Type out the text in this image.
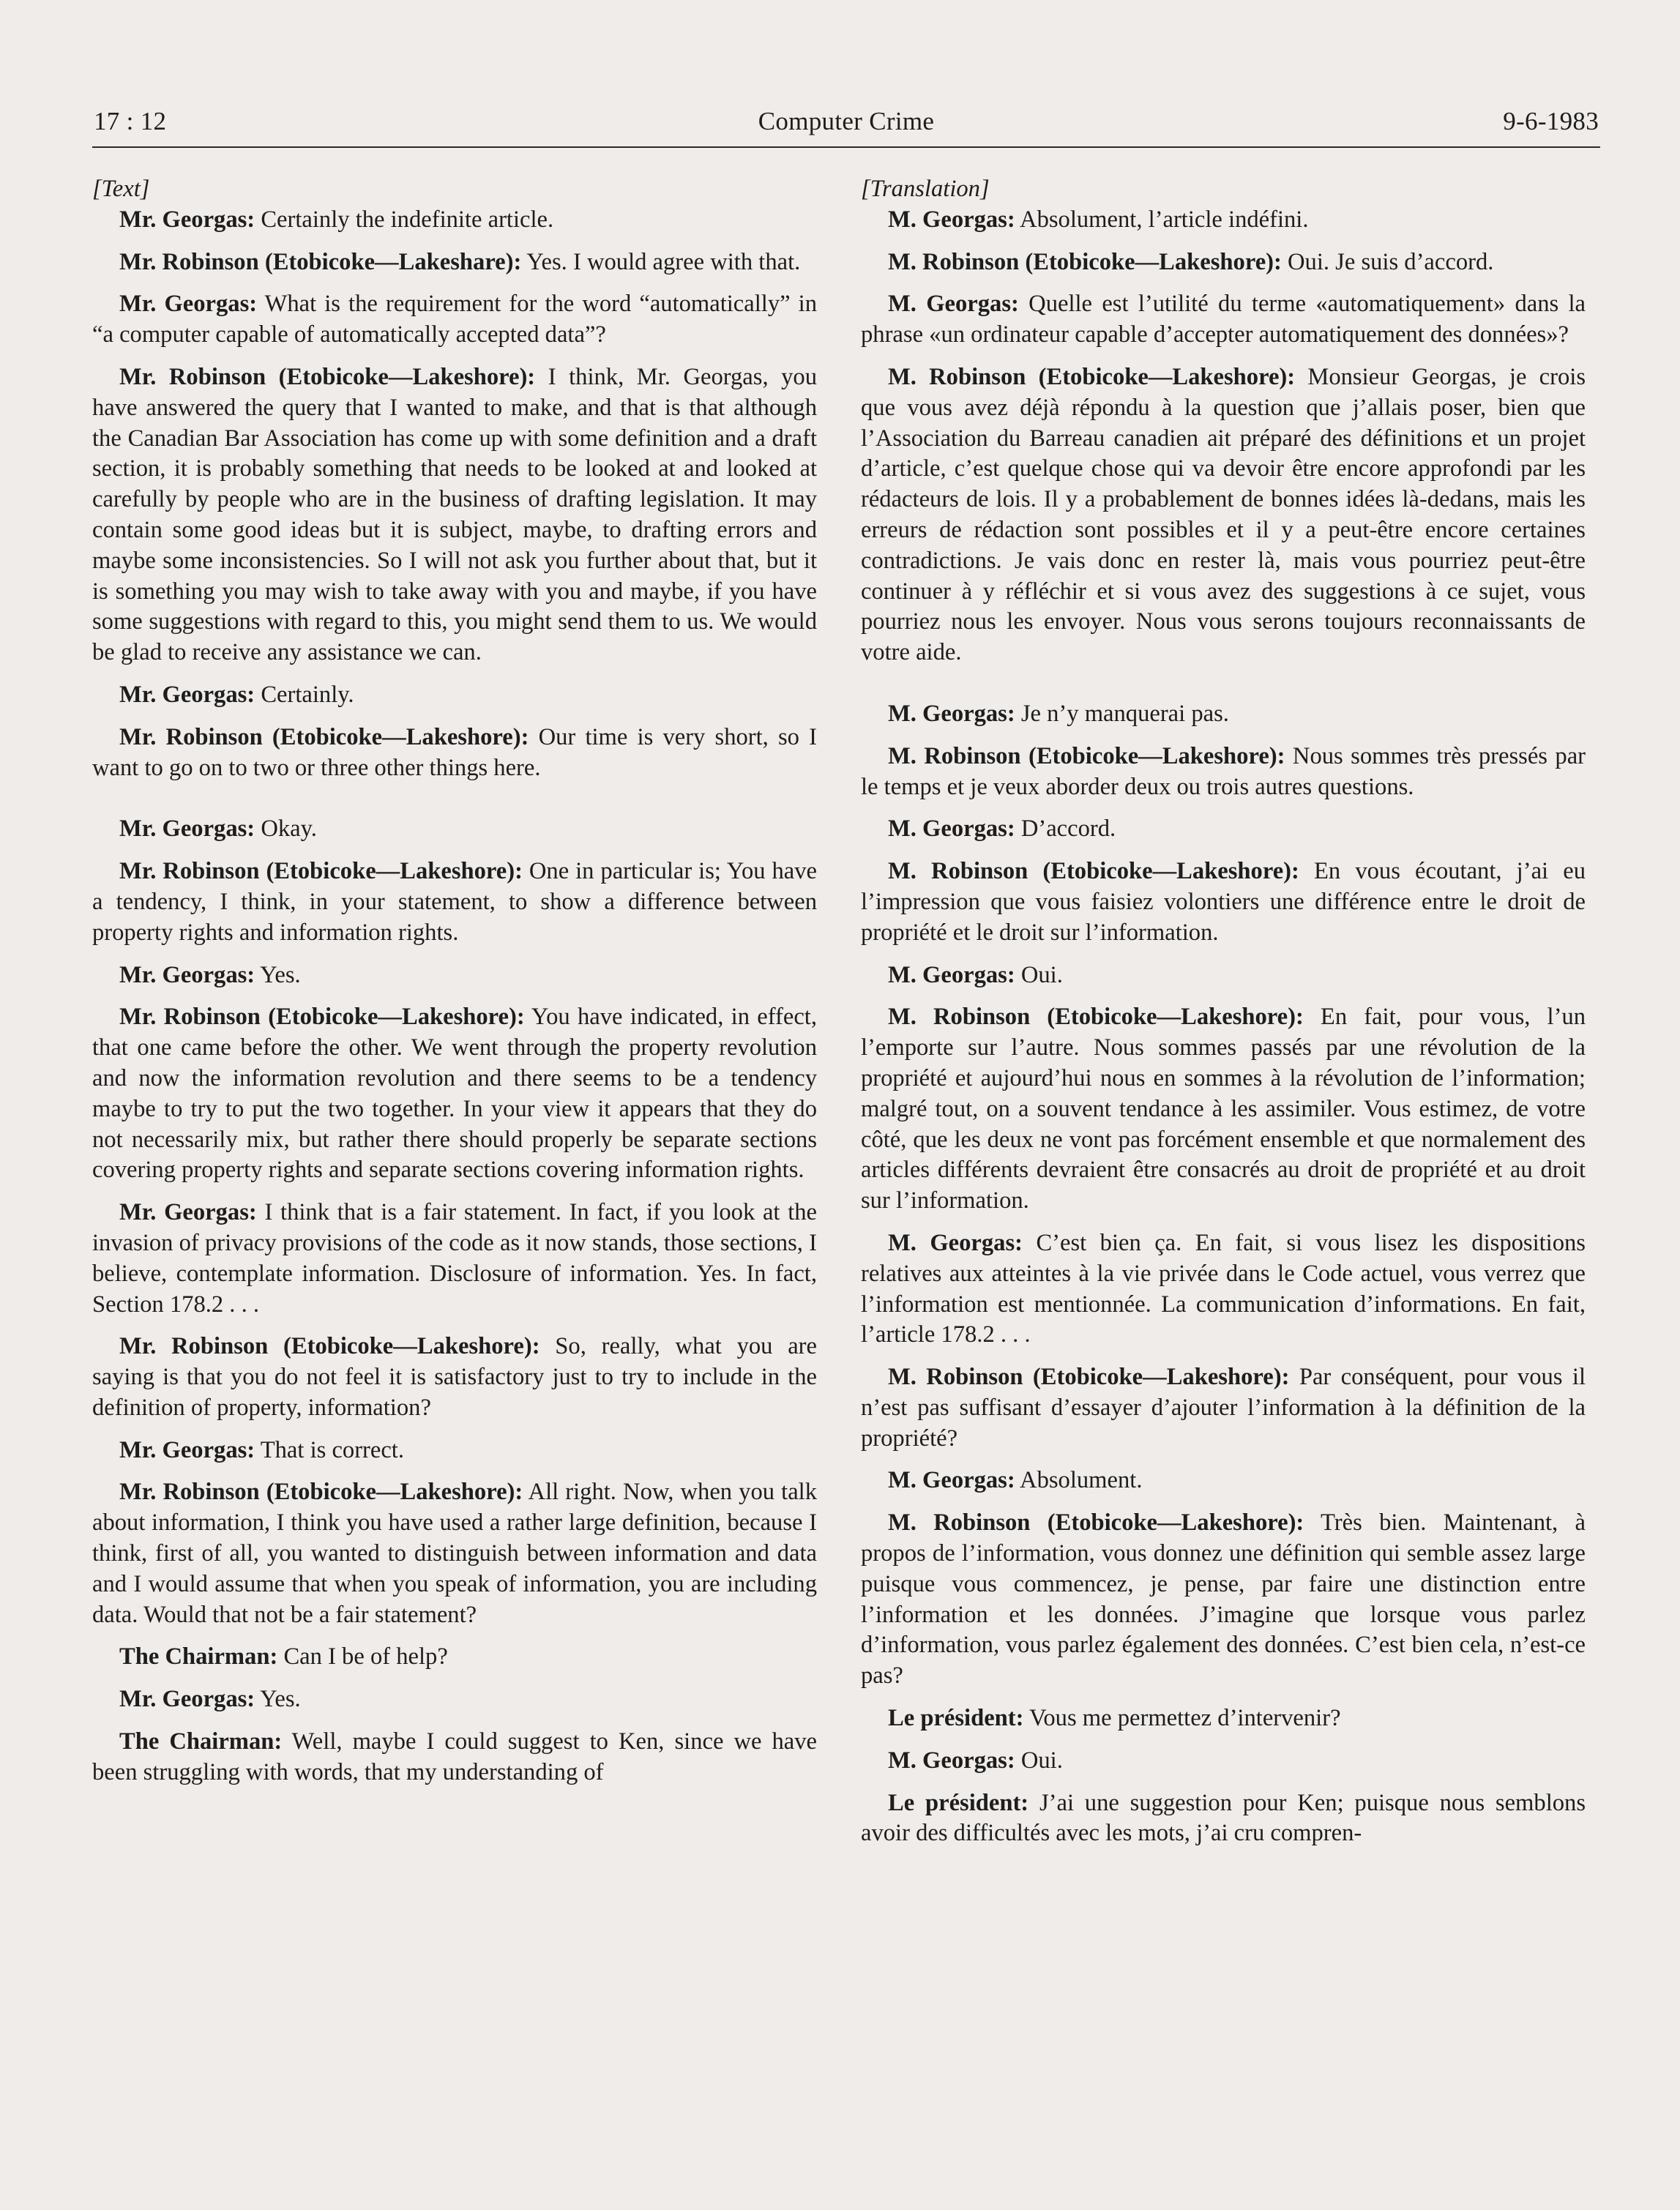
17 : 12	Computer Crime	9-6-1983

[Text]

Mr. Georgas: Certainly the indefinite article.

Mr. Robinson (Etobicoke—Lakeshare): Yes. I would agree with that.

Mr. Georgas: What is the requirement for the word “automatically” in “a computer capable of automatically accepted data”?

Mr. Robinson (Etobicoke—Lakeshore): I think, Mr. Georgas, you have answered the query that I wanted to make, and that is that although the Canadian Bar Association has come up with some definition and a draft section, it is probably something that needs to be looked at and looked at carefully by people who are in the business of drafting legislation. It may contain some good ideas but it is subject, maybe, to drafting errors and maybe some inconsistencies. So I will not ask you further about that, but it is something you may wish to take away with you and maybe, if you have some suggestions with regard to this, you might send them to us. We would be glad to receive any assistance we can.

Mr. Georgas: Certainly.

Mr. Robinson (Etobicoke—Lakeshore): Our time is very short, so I want to go on to two or three other things here.

Mr. Georgas: Okay.

Mr. Robinson (Etobicoke—Lakeshore): One in particular is; You have a tendency, I think, in your statement, to show a difference between property rights and information rights.

Mr. Georgas: Yes.

Mr. Robinson (Etobicoke—Lakeshore): You have indicated, in effect, that one came before the other. We went through the property revolution and now the information revolution and there seems to be a tendency maybe to try to put the two together. In your view it appears that they do not necessarily mix, but rather there should properly be separate sections covering property rights and separate sections covering information rights.

Mr. Georgas: I think that is a fair statement. In fact, if you look at the invasion of privacy provisions of the code as it now stands, those sections, I believe, contemplate information. Disclosure of information. Yes. In fact, Section 178.2 . . .

Mr. Robinson (Etobicoke—Lakeshore): So, really, what you are saying is that you do not feel it is satisfactory just to try to include in the definition of property, information?

Mr. Georgas: That is correct.

Mr. Robinson (Etobicoke—Lakeshore): All right. Now, when you talk about information, I think you have used a rather large definition, because I think, first of all, you wanted to distinguish between information and data and I would assume that when you speak of information, you are including data. Would that not be a fair statement?

The Chairman: Can I be of help?

Mr. Georgas: Yes.

The Chairman: Well, maybe I could suggest to Ken, since we have been struggling with words, that my understanding of

[Translation]

M. Georgas: Absolument, l’article indéfini.

M. Robinson (Etobicoke—Lakeshore): Oui. Je suis d’accord.

M. Georgas: Quelle est l’utilité du terme «automatiquement» dans la phrase «un ordinateur capable d’accepter automatiquement des données»?

M. Robinson (Etobicoke—Lakeshore): Monsieur Georgas, je crois que vous avez déjà répondu à la question que j’allais poser, bien que l’Association du Barreau canadien ait préparé des définitions et un projet d’article, c’est quelque chose qui va devoir être encore approfondi par les rédacteurs de lois. Il y a probablement de bonnes idées là-dedans, mais les erreurs de rédaction sont possibles et il y a peut-être encore certaines contradictions. Je vais donc en rester là, mais vous pourriez peut-être continuer à y réfléchir et si vous avez des suggestions à ce sujet, vous pourriez nous les envoyer. Nous vous serons toujours reconnaissants de votre aide.

M. Georgas: Je n’y manquerai pas.

M. Robinson (Etobicoke—Lakeshore): Nous sommes très pressés par le temps et je veux aborder deux ou trois autres questions.

M. Georgas: D’accord.

M. Robinson (Etobicoke—Lakeshore): En vous écoutant, j’ai eu l’impression que vous faisiez volontiers une différence entre le droit de propriété et le droit sur l’information.

M. Georgas: Oui.

M. Robinson (Etobicoke—Lakeshore): En fait, pour vous, l’un l’emporte sur l’autre. Nous sommes passés par une révolution de la propriété et aujourd’hui nous en sommes à la révolution de l’information; malgré tout, on a souvent tendance à les assimiler. Vous estimez, de votre côté, que les deux ne vont pas forcément ensemble et que normalement des articles différents devraient être consacrés au droit de propriété et au droit sur l’information.

M. Georgas: C’est bien ça. En fait, si vous lisez les dispositions relatives aux atteintes à la vie privée dans le Code actuel, vous verrez que l’information est mentionnée. La communication d’informations. En fait, l’article 178.2 . . .

M. Robinson (Etobicoke—Lakeshore): Par conséquent, pour vous il n’est pas suffisant d’essayer d’ajouter l’information à la définition de la propriété?

M. Georgas: Absolument.

M. Robinson (Etobicoke—Lakeshore): Très bien. Maintenant, à propos de l’information, vous donnez une définition qui semble assez large puisque vous commencez, je pense, par faire une distinction entre l’information et les données. J’imagine que lorsque vous parlez d’information, vous parlez également des données. C’est bien cela, n’est-ce pas?

Le président: Vous me permettez d’intervenir?

M. Georgas: Oui.

Le président: J’ai une suggestion pour Ken; puisque nous semblons avoir des difficultés avec les mots, j’ai cru compren-
